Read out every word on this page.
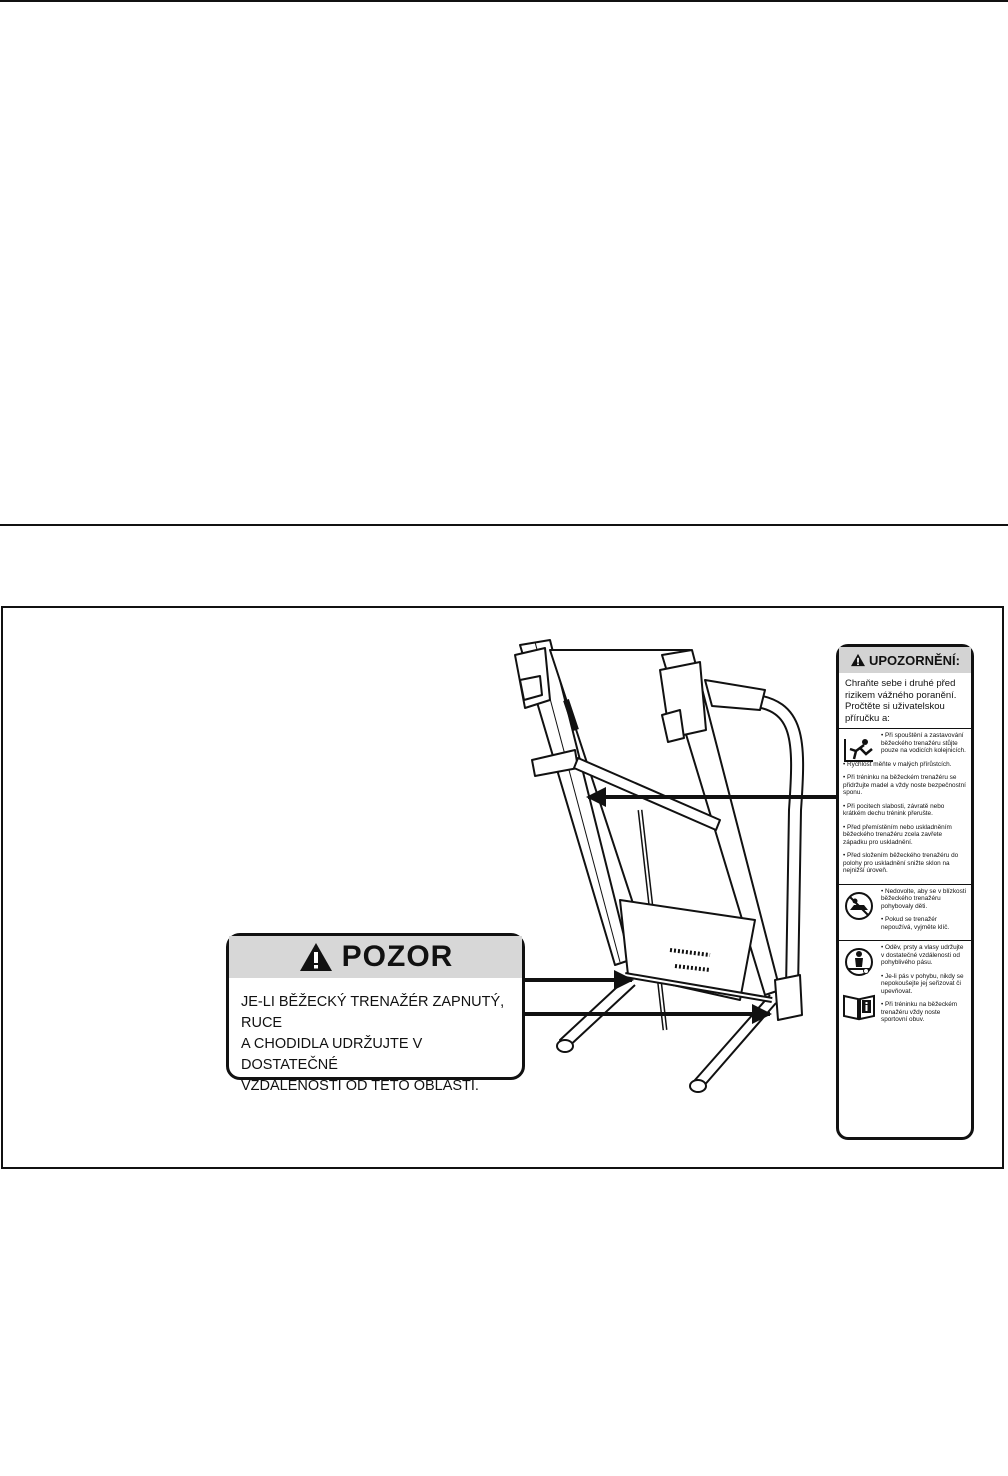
POZOR
JE-LI BĚŽECKÝ TRENAŽÉR ZAPNUTÝ, RUCE
A CHODIDLA UDRŽUJTE V DOSTATEČNÉ
VZDÁLENOSTI OD TÉTO OBLASTI.
UPOZORNĚNÍ:
Chraňte sebe i druhé před rizikem vážného poranění. Pročtěte si uživatelskou příručku a:
• Při spouštění a zastavování běžeckého trenažéru stůjte pouze na vodicích kolejnicích.
• Rychlost měňte v malých přírůstcích.
• Při tréninku na běžeckém trenažéru se přidržujte madel a vždy noste bezpečnostní sponu.
• Při pocitech slabosti, závratě nebo krátkém dechu trénink přerušte.
• Před přemístěním nebo uskladněním běžeckého trenažéru zcela zavřete západku pro uskladnění.
• Před složením běžeckého trenažéru do polohy pro uskladnění snižte sklon na nejnižší úroveň.
• Nedovolte, aby se v blízkosti běžeckého trenažéru pohybovaly děti.
• Pokud se trenažér nepoužívá, vyjměte klíč.
• Oděv, prsty a vlasy udržujte v dostatečné vzdálenosti od pohyblivého pásu.
• Je-li pás v pohybu, nikdy se nepokoušejte jej seřizovat či upevňovat.
• Při tréninku na běžeckém trenažéru vždy noste sportovní obuv.
